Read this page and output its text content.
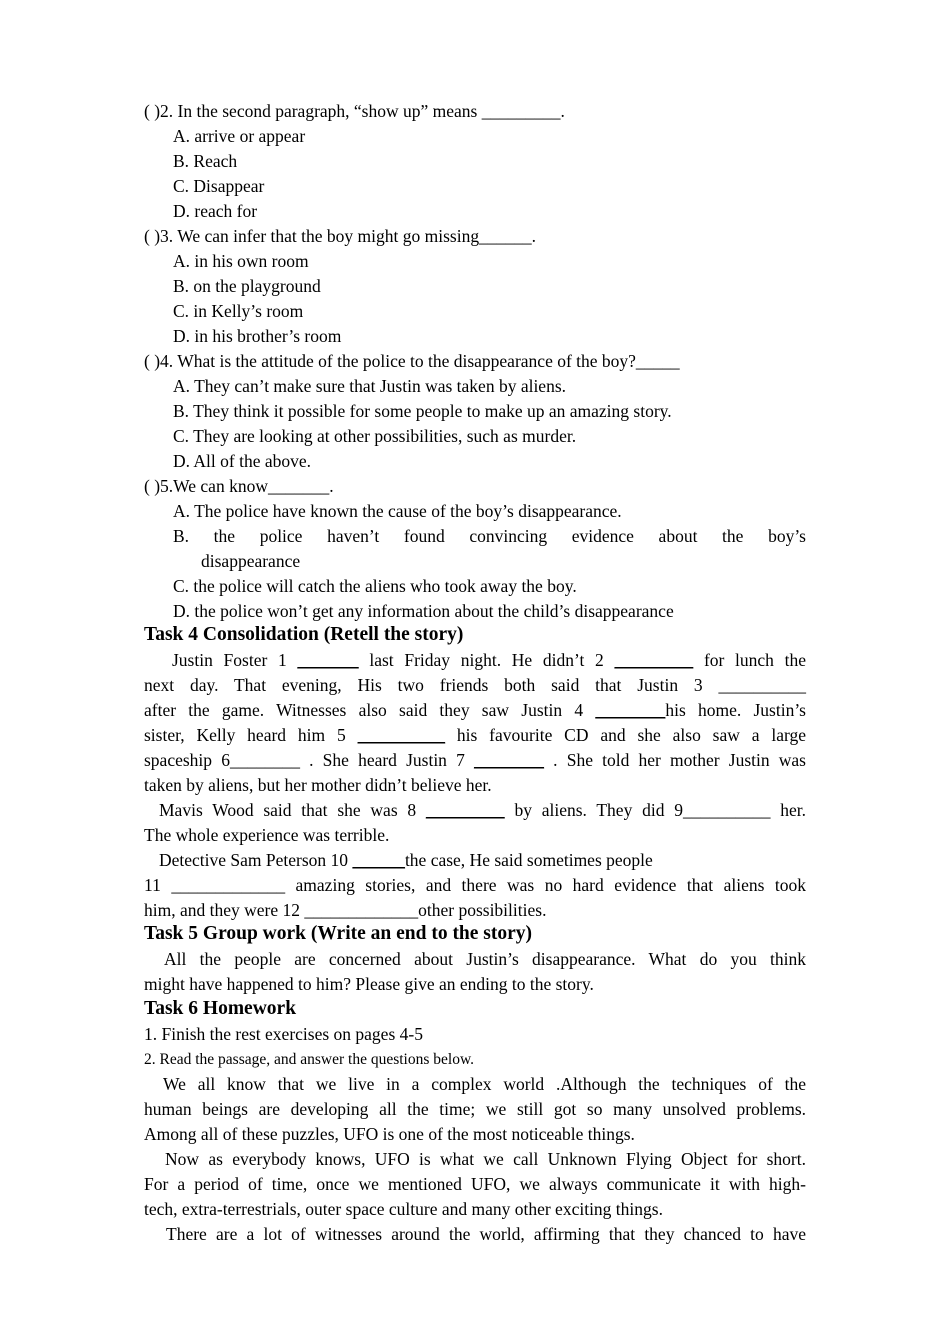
( )2. In the second paragraph, “show up” means _________.
A. arrive or appear
B. Reach
C. Disappear
D. reach for
( )3. We can infer that the boy might go missing______.
A. in his own room
B. on the playground
C. in Kelly’s room
D. in his brother’s room
( )4. What is the attitude of the police to the disappearance of the boy?_____
A. They can’t make sure that Justin was taken by aliens.
B. They think it possible for some people to make up an amazing story.
C. They are looking at other possibilities, such as murder.
D. All of the above.
( )5.We can know_______.
A. The police have known the cause of the boy’s disappearance.
B. the police haven’t found convincing evidence about the boy’s
disappearance
C. the police will catch the aliens who took away the boy.
D. the police won’t get any information about the child’s disappearance
Task 4 Consolidation (Retell the story)
Justin Foster 1 _______ last Friday night. He didn’t 2 _________ for lunch the
next day. That evening, His two friends both said that Justin 3 __________
after the game. Witnesses also said they saw Justin 4 ________his home. Justin’s
sister, Kelly heard him 5 __________ his favourite CD and she also saw a large
spaceship 6________ . She heard Justin 7 ________ . She told her mother Justin was
taken by aliens, but her mother didn’t believe her.
Mavis Wood said that she was 8 _________ by aliens. They did 9__________ her.
The whole experience was terrible.
Detective Sam Peterson 10 ______the case, He said sometimes people
11 _____________ amazing stories, and there was no hard evidence that aliens took
him, and they were 12 _____________other possibilities.
Task 5 Group work (Write an end to the story)
All the people are concerned about Justin’s disappearance. What do you think
might have happened to him? Please give an ending to the story.
Task 6 Homework
1. Finish the rest exercises on pages 4-5
2. Read the passage, and answer the questions below.
We all know that we live in a complex world .Although the techniques of the
human beings are developing all the time; we still got so many unsolved problems.
Among all of these puzzles, UFO is one of the most noticeable things.
Now as everybody knows, UFO is what we call Unknown Flying Object for short.
For a period of time, once we mentioned UFO, we always communicate it with high-
tech, extra-terrestrials, outer space culture and many other exciting things.
There are a lot of witnesses around the world, affirming that they chanced to have
